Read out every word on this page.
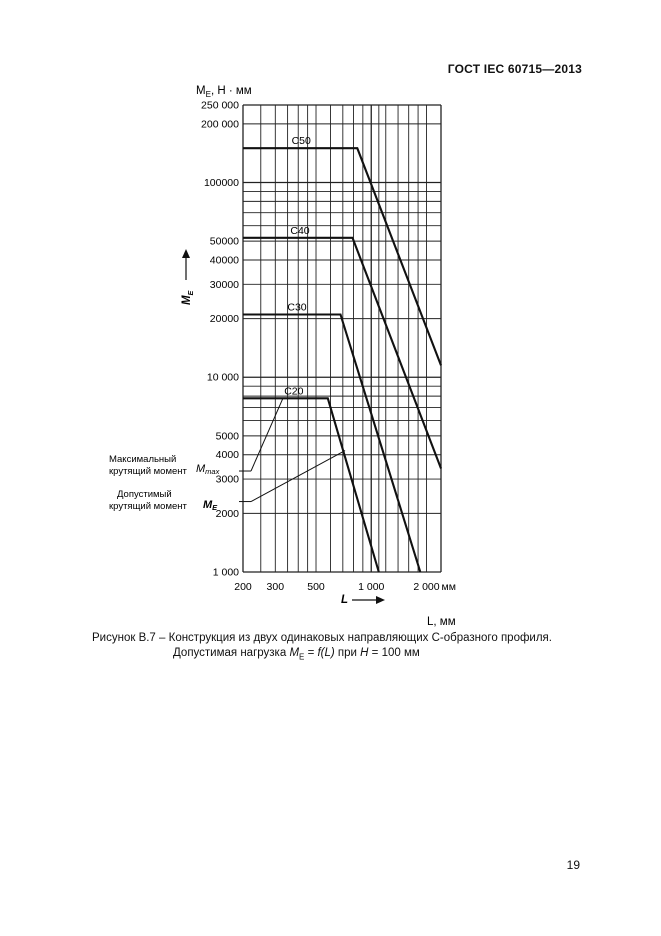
ГОСТ IEC 60715—2013
C50
C40
C30
C20
1 000
2000
3000
4000
5000
10 000
20000
30000
40000
50000
100000
200 000
250 000
200 300 500	1 000	2 000 мм
$M_E$, Н · мм
$M_E$
L
L, мм
Максимальный
крутящий момент Mmax
Допустимый
крутящий момент ME
Рисунок В.7 – Конструкция из двух одинаковых направляющих С-образного профиля.
Допустимая нагрузка $M_E = f(L)$ при H = 100 мм
19
